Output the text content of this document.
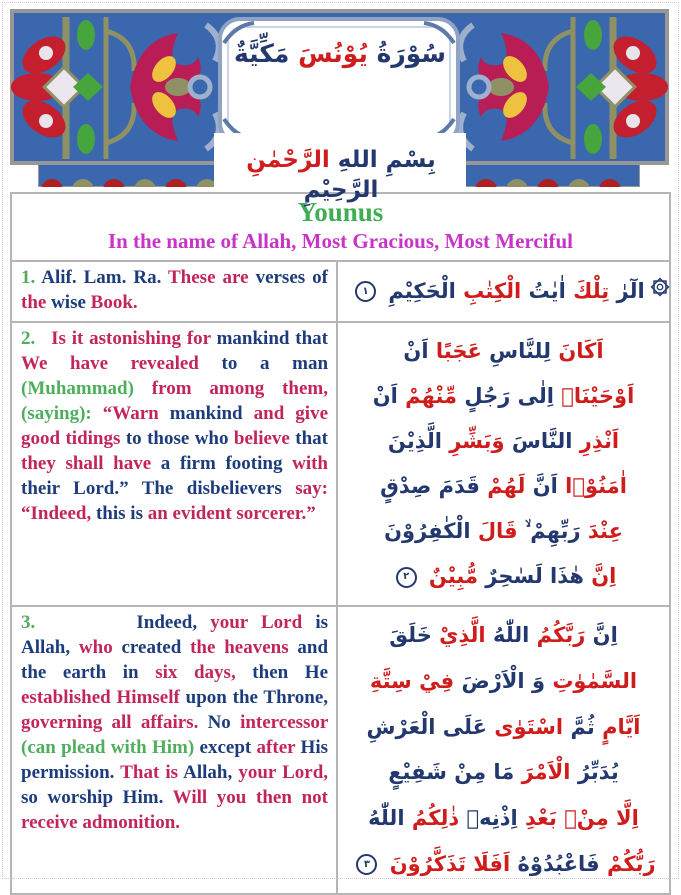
سُوْرَةُ يُوْنُسَ مَكِّيَّةٌ
بِسْمِ اللهِ الرَّحْمٰنِ الرَّحِيْمِ
Younus
In the name of Allah, Most Gracious, Most Merciful
1. Alif. Lam. Ra. These are verses of the wise Book.	الٓرٰ تِلْكَ اٰيٰتُ الْكِتٰبِ الْحَكِيْمِ ١
2. Is it astonishing for mankind that We have revealed to a man (Muhammad) from among them, (saying): “Warn mankind and give good tidings to those who believe that they shall have a firm footing with their Lord.” The disbelievers say: “Indeed, this is an evident sorcerer.”
اَكَانَ لِلنَّاسِ عَجَبًا اَنْ
اَوْحَيْنَاۤ اِلٰى رَجُلٍ مِّنْهُمْ اَنْ
اَنْذِرِ النَّاسَ وَبَشِّرِ الَّذِيْنَ
اٰمَنُوْۤا اَنَّ لَهُمْ قَدَمَ صِدْقٍ
عِنْدَ رَبِّهِمْ ۙ قَالَ الْكٰفِرُوْنَ
اِنَّ هٰذَا لَسٰحِرٌ مُّبِيْنٌ ٢
3.	Indeed, your Lord is Allah, who created the heavens and the earth in six days, then He established Himself upon the Throne, governing all affairs. No intercessor (can plead with Him) except after His permission. That is Allah, your Lord, so worship Him. Will you then not receive admonition.
اِنَّ رَبَّكُمُ اللّٰهُ الَّذِيْ خَلَقَ
السَّمٰوٰتِ وَ الْاَرْضَ فِيْ سِتَّةِ
اَيَّامٍ ثُمَّ اسْتَوٰى عَلَى الْعَرْشِ
يُدَبِّرُ الْاَمْرَ مَا مِنْ شَفِيْعٍ
اِلَّا مِنْۢ بَعْدِ اِذْنِهٖ ذٰلِكُمُ اللّٰهُ
رَبُّكُمْ فَاعْبُدُوْهُ اَفَلَا تَذَكَّرُوْنَ ٣
